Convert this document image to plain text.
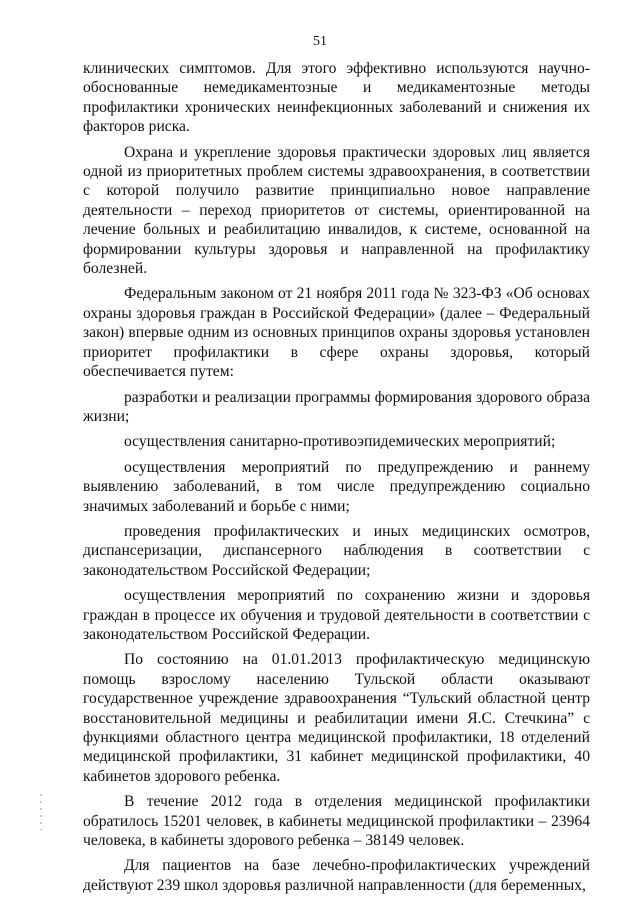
51

клинических симптомов. Для этого эффективно используются научно-обоснованные немедикаментозные и медикаментозные методы профилактики хронических неинфекционных заболеваний и снижения их факторов риска.

Охрана и укрепление здоровья практически здоровых лиц является одной из приоритетных проблем системы здравоохранения, в соответствии с которой получило развитие принципиально новое направление деятельности – переход приоритетов от системы, ориентированной на лечение больных и реабилитацию инвалидов, к системе, основанной на формировании культуры здоровья и направленной на профилактику болезней.

Федеральным законом от 21 ноября 2011 года № 323-ФЗ «Об основах охраны здоровья граждан в Российской Федерации» (далее – Федеральный закон) впервые одним из основных принципов охраны здоровья установлен приоритет профилактики в сфере охраны здоровья, который обеспечивается путем:

разработки и реализации программы формирования здорового образа жизни;

осуществления санитарно-противоэпидемических мероприятий;

осуществления мероприятий по предупреждению и раннему выявлению заболеваний, в том числе предупреждению социально значимых заболеваний и борьбе с ними;

проведения профилактических и иных медицинских осмотров, диспансеризации, диспансерного наблюдения в соответствии с законодательством Российской Федерации;

осуществления мероприятий по сохранению жизни и здоровья граждан в процессе их обучения и трудовой деятельности в соответствии с законодательством Российской Федерации.

По состоянию на 01.01.2013 профилактическую медицинскую помощь взрослому населению Тульской области оказывают государственное учреждение здравоохранения “Тульский областной центр восстановительной медицины и реабилитации имени Я.С. Стечкина” с функциями областного центра медицинской профилактики, 18 отделений медицинской профилактики, 31 кабинет медицинской профилактики, 40 кабинетов здорового ребенка.

В течение 2012 года в отделения медицинской профилактики обратилось 15201 человек, в кабинеты медицинской профилактики – 23964 человека, в кабинеты здорового ребенка – 38149 человек.

Для пациентов на базе лечебно-профилактических учреждений действуют 239 школ здоровья различной направленности (для беременных,
